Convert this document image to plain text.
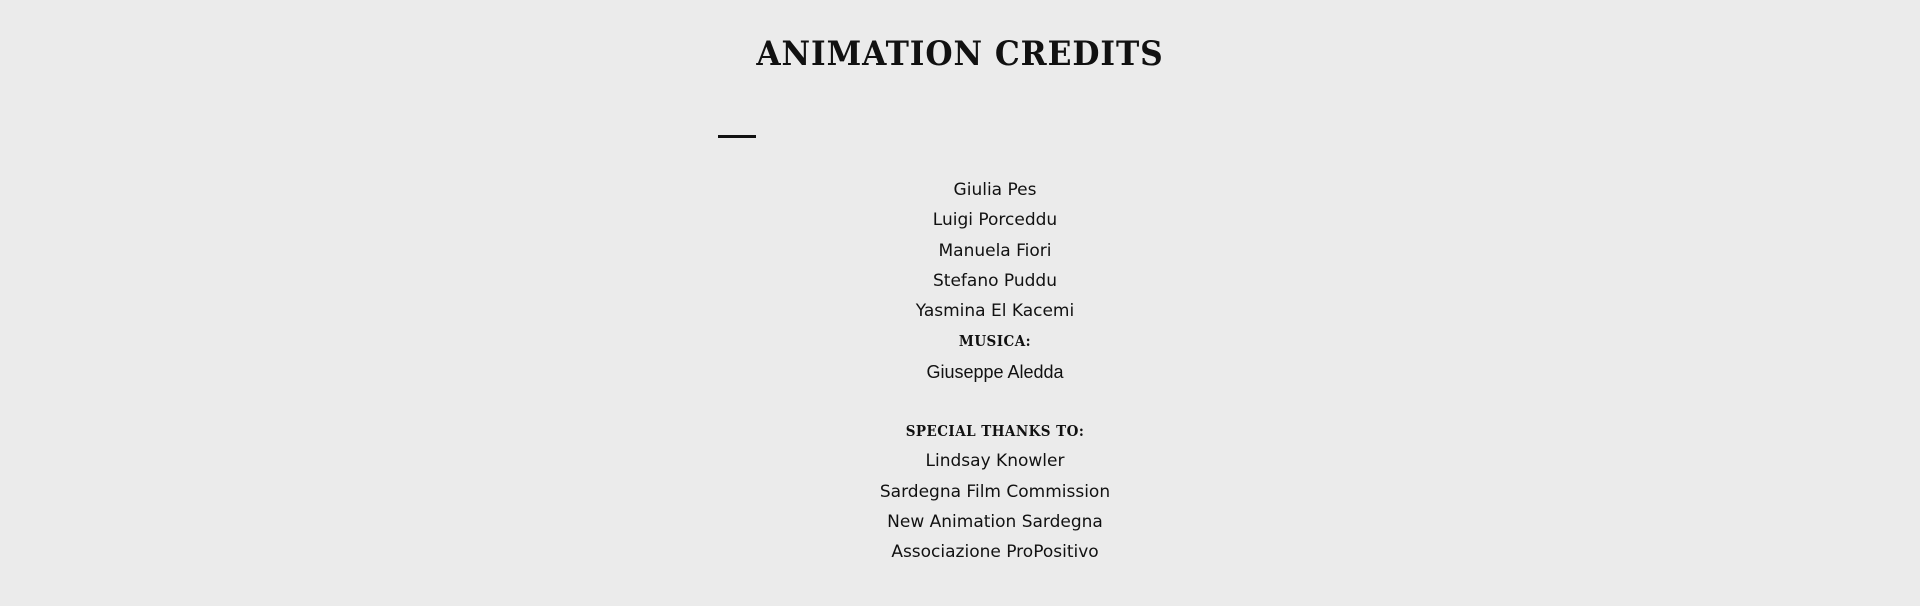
ANIMATION CREDITS
Giulia Pes
Luigi Porceddu
Manuela Fiori
Stefano Puddu
Yasmina El Kacemi
MUSICA:
Giuseppe Aledda
SPECIAL THANKS TO:
Lindsay Knowler
Sardegna Film Commission
New Animation Sardegna
Associazione ProPositivo
